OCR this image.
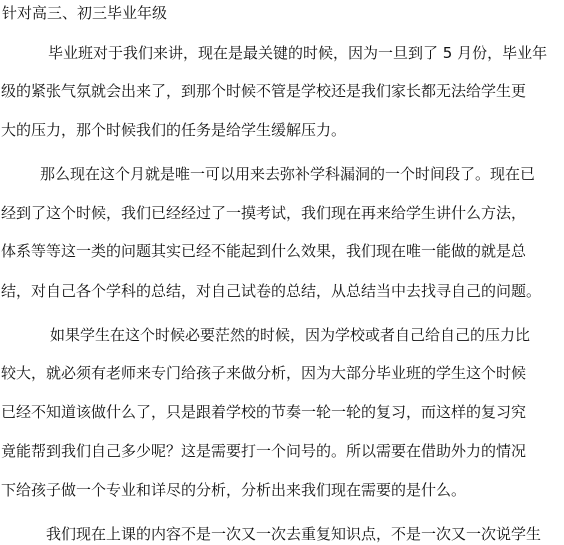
针对高三、初三毕业年级
毕业班对于我们来讲，现在是最关键的时候，因为一旦到了 5 月份，毕业年
级的紧张气氛就会出来了，到那个时候不管是学校还是我们家长都无法给学生更
大的压力，那个时候我们的任务是给学生缓解压力。
那么现在这个月就是唯一可以用来去弥补学科漏洞的一个时间段了。现在已
经到了这个时候，我们已经经过了一摸考试，我们现在再来给学生讲什么方法，
体系等等这一类的问题其实已经不能起到什么效果，我们现在唯一能做的就是总
结，对自己各个学科的总结，对自己试卷的总结，从总结当中去找寻自己的问题。
如果学生在这个时候必要茫然的时候，因为学校或者自己给自己的压力比
较大，就必须有老师来专门给孩子来做分析，因为大部分毕业班的学生这个时候
已经不知道该做什么了，只是跟着学校的节奏一轮一轮的复习，而这样的复习究
竟能帮到我们自己多少呢？这是需要打一个问号的。所以需要在借助外力的情况
下给孩子做一个专业和详尽的分析，分析出来我们现在需要的是什么。
我们现在上课的内容不是一次又一次去重复知识点，不是一次又一次说学生
